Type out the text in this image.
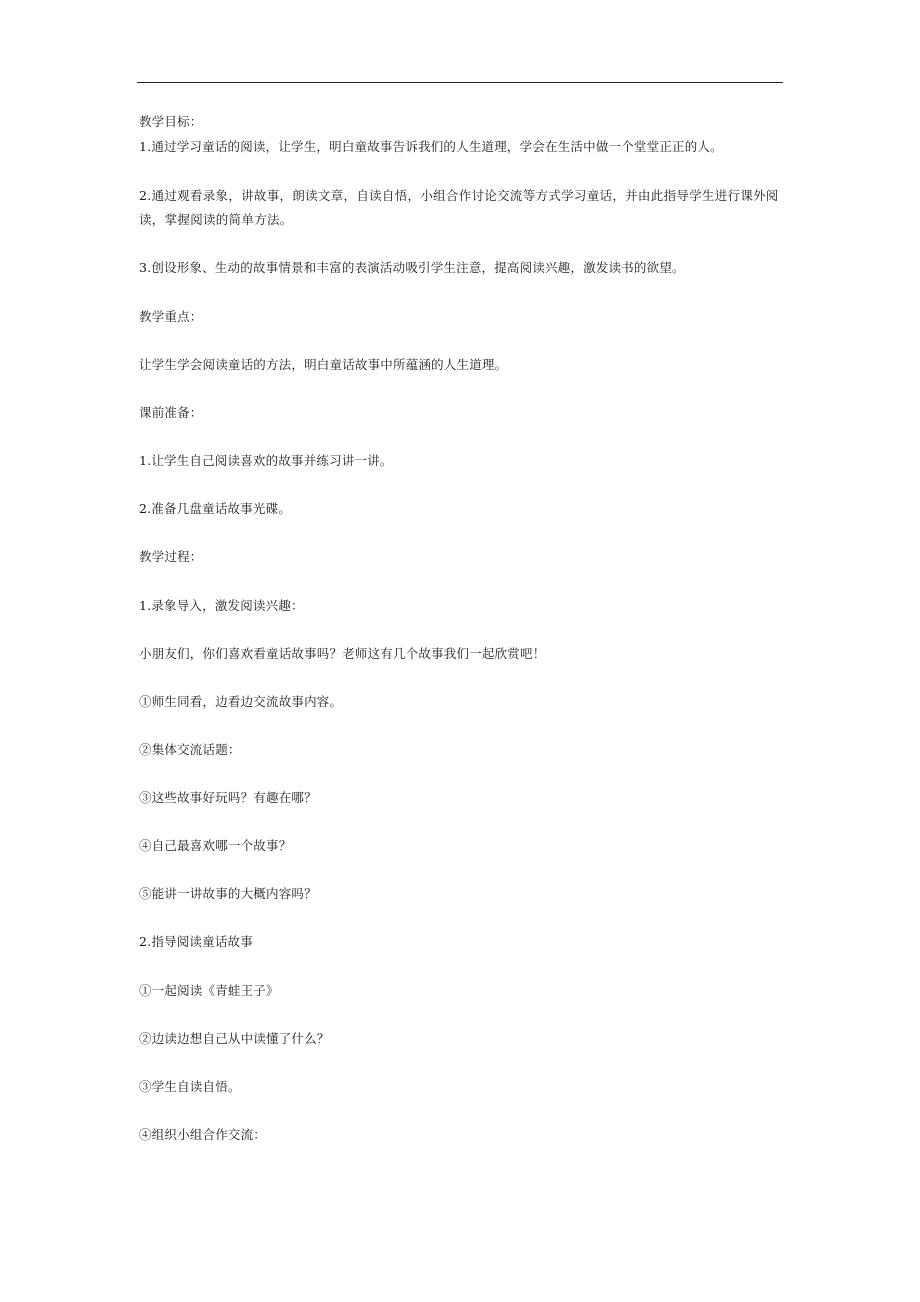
教学目标：
1.通过学习童话的阅读，让学生，明白童故事告诉我们的人生道理，学会在生活中做一个堂堂正正的人。
2.通过观看录象，讲故事，朗读文章，自读自悟，小组合作讨论交流等方式学习童话，并由此指导学生进行课外阅读，掌握阅读的简单方法。
3.创设形象、生动的故事情景和丰富的表演活动吸引学生注意，提高阅读兴趣，激发读书的欲望。
教学重点：
让学生学会阅读童话的方法，明白童话故事中所蕴涵的人生道理。
课前准备：
1.让学生自己阅读喜欢的故事并练习讲一讲。
2.准备几盘童话故事光碟。
教学过程：
1.录象导入，激发阅读兴趣：
小朋友们，你们喜欢看童话故事吗？老师这有几个故事我们一起欣赏吧！
①师生同看，边看边交流故事内容。
②集体交流话题：
③这些故事好玩吗？有趣在哪？
④自己最喜欢哪一个故事？
⑤能讲一讲故事的大概内容吗？
2.指导阅读童话故事
①一起阅读《青蛙王子》
②边读边想自己从中读懂了什么？
③学生自读自悟。
④组织小组合作交流：
